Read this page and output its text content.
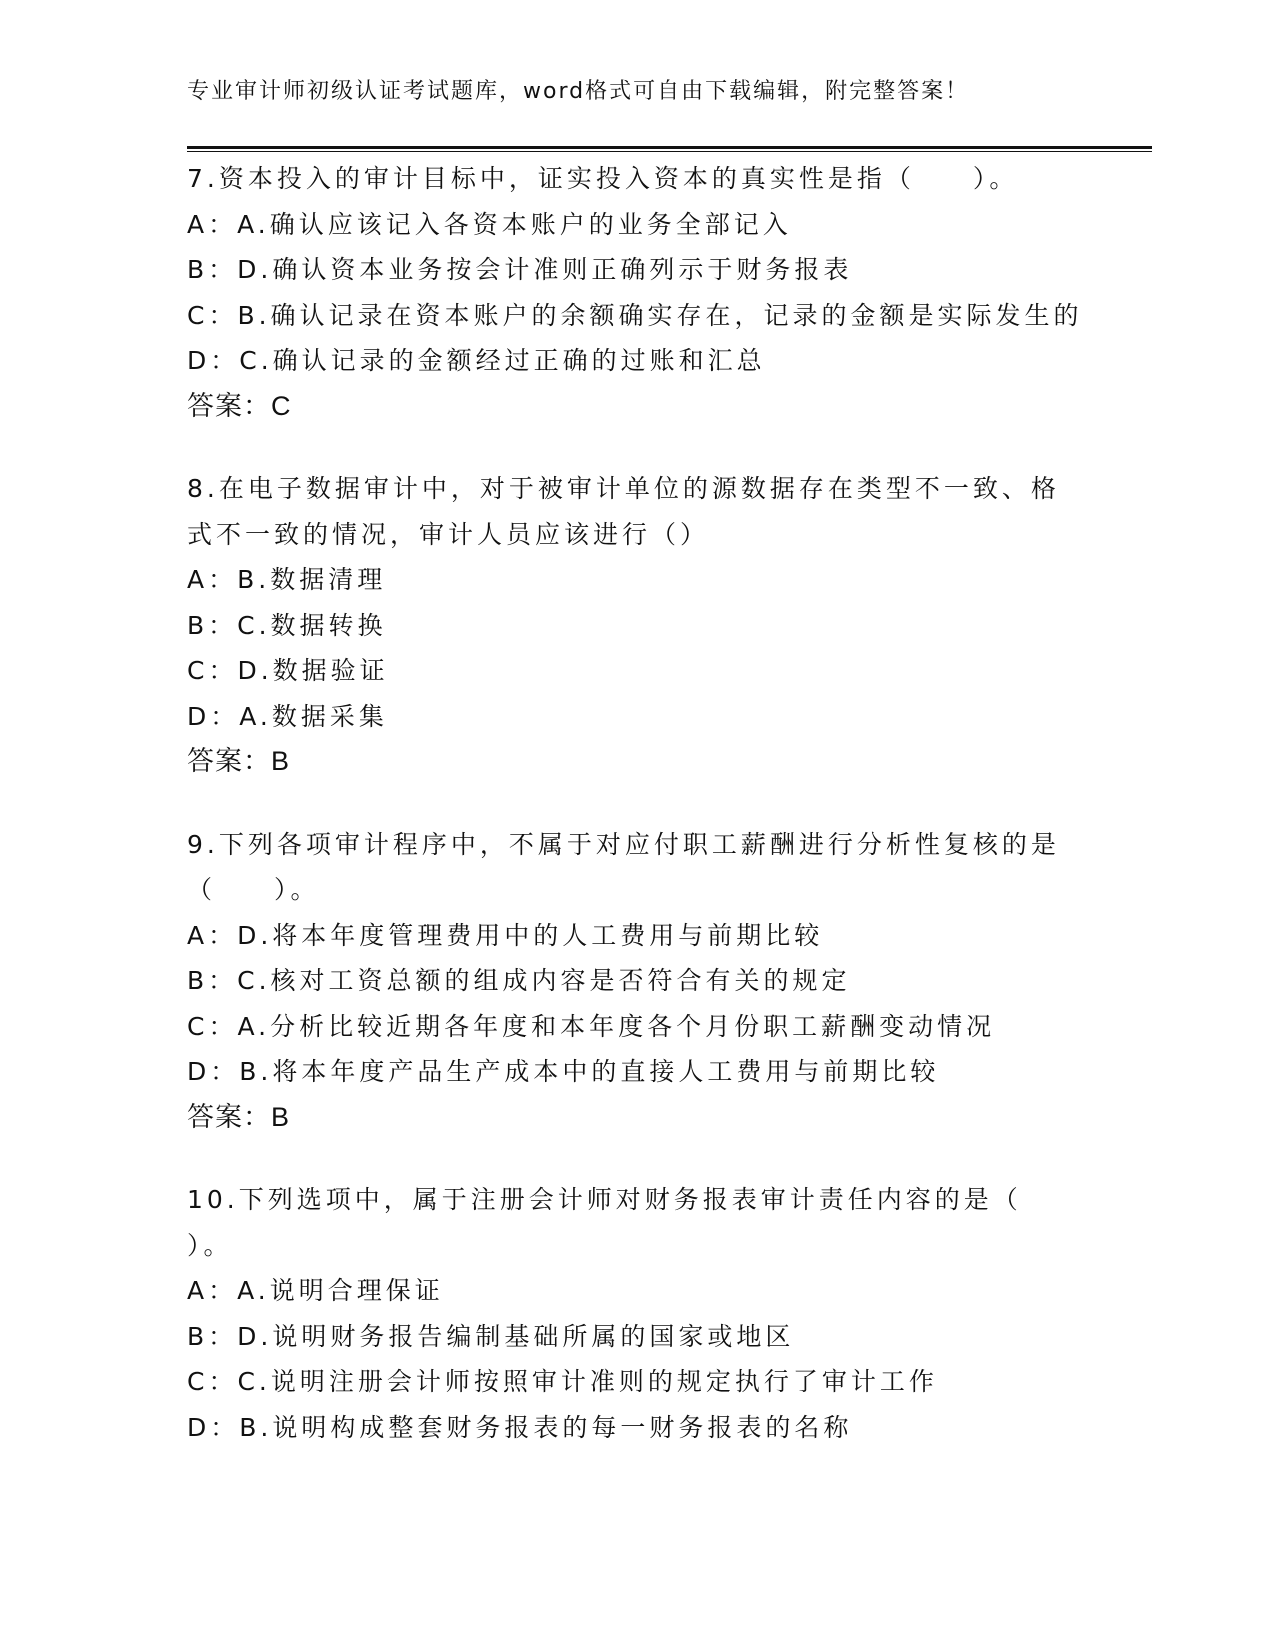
专业审计师初级认证考试题库，word格式可自由下载编辑，附完整答案！
7.资本投入的审计目标中，证实投入资本的真实性是指（　　）。
A：A.确认应该记入各资本账户的业务全部记入
B：D.确认资本业务按会计准则正确列示于财务报表
C：B.确认记录在资本账户的余额确实存在，记录的金额是实际发生的
D：C.确认记录的金额经过正确的过账和汇总
答案：C
8.在电子数据审计中，对于被审计单位的源数据存在类型不一致、格
式不一致的情况，审计人员应该进行（）
A：B.数据清理
B：C.数据转换
C：D.数据验证
D：A.数据采集
答案：B
9.下列各项审计程序中，不属于对应付职工薪酬进行分析性复核的是
（　　）。
A：D.将本年度管理费用中的人工费用与前期比较
B：C.核对工资总额的组成内容是否符合有关的规定
C：A.分析比较近期各年度和本年度各个月份职工薪酬变动情况
D：B.将本年度产品生产成本中的直接人工费用与前期比较
答案：B
10.下列选项中，属于注册会计师对财务报表审计责任内容的是（
）。
A：A.说明合理保证
B：D.说明财务报告编制基础所属的国家或地区
C：C.说明注册会计师按照审计准则的规定执行了审计工作
D：B.说明构成整套财务报表的每一财务报表的名称
